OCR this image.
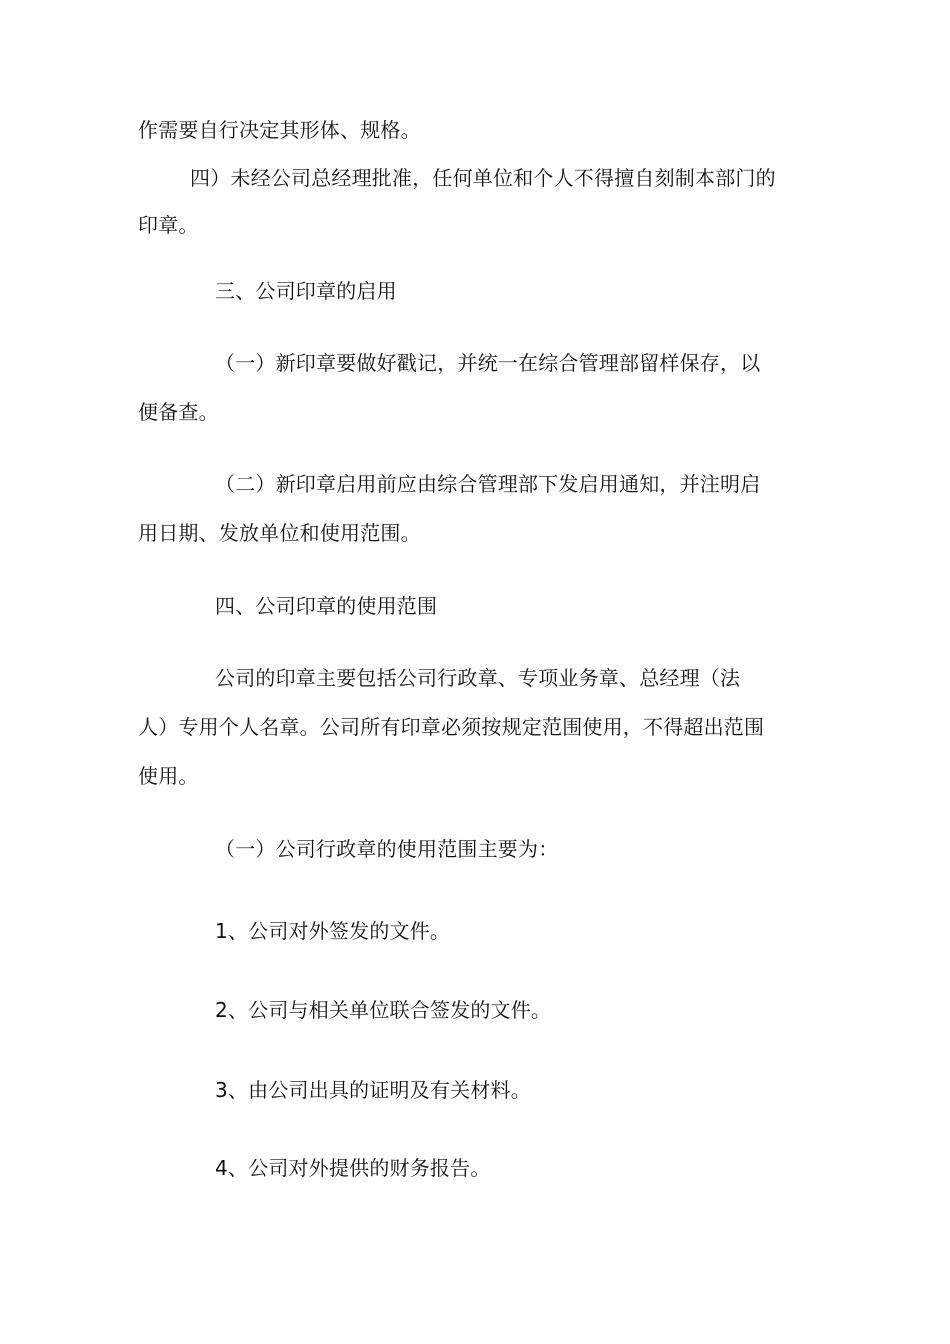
作需要自行决定其形体、规格。

四）未经公司总经理批准，任何单位和个人不得擅自刻制本部门的

印章。

三、公司印章的启用

（一）新印章要做好戳记，并统一在综合管理部留样保存，以

便备查。

（二）新印章启用前应由综合管理部下发启用通知，并注明启

用日期、发放单位和使用范围。

四、公司印章的使用范围

公司的印章主要包括公司行政章、专项业务章、总经理（法

人）专用个人名章。公司所有印章必须按规定范围使用，不得超出范围

使用。

（一）公司行政章的使用范围主要为：

1、公司对外签发的文件。

2、公司与相关单位联合签发的文件。

3、由公司出具的证明及有关材料。

4、公司对外提供的财务报告。
